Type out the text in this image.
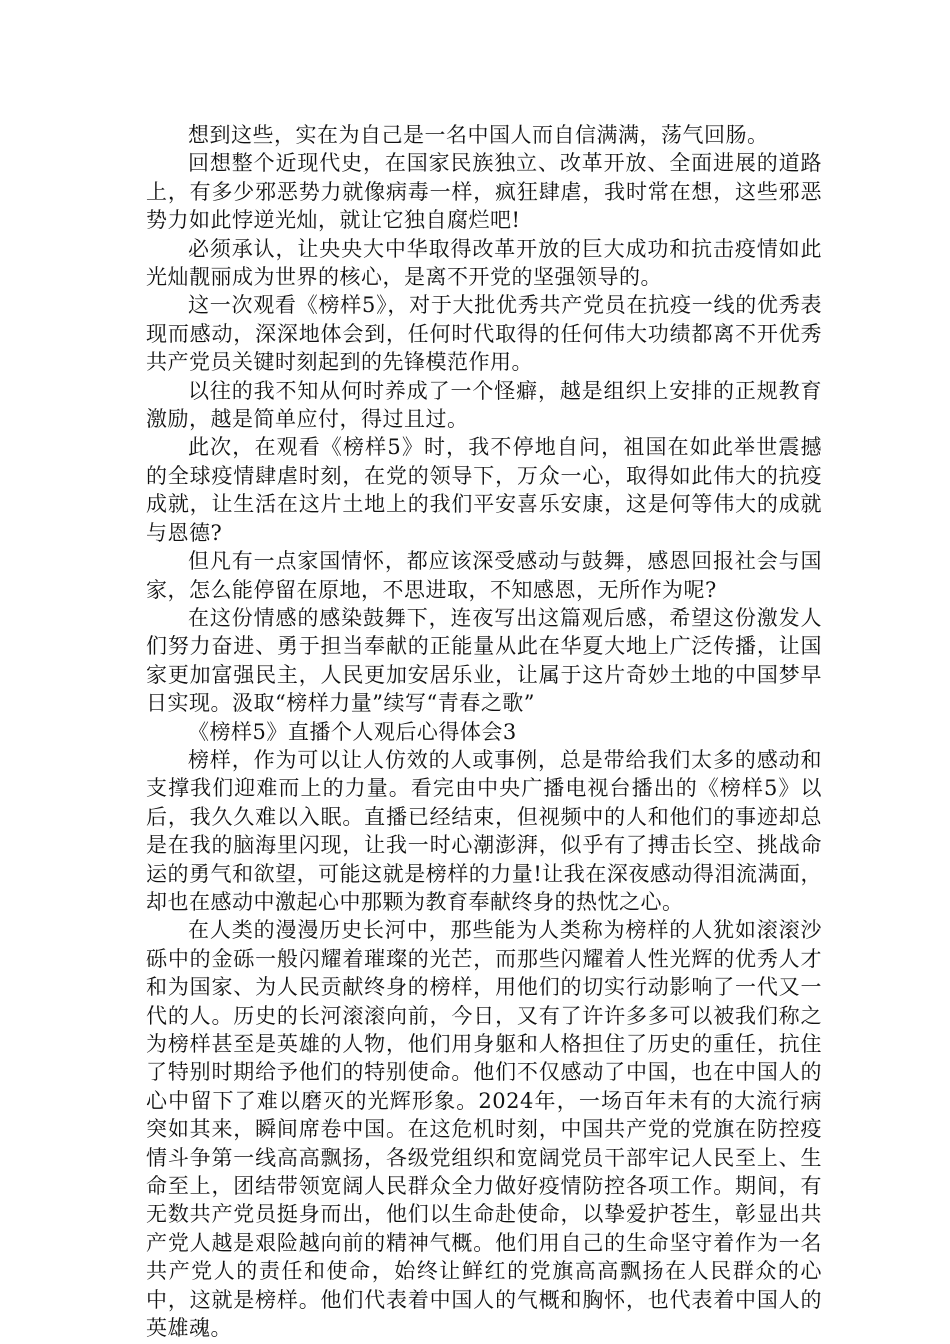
想到这些，实在为自己是一名中国人而自信满满，荡气回肠。

回想整个近现代史，在国家民族独立、改革开放、全面进展的道路上，有多少邪恶势力就像病毒一样，疯狂肆虐，我时常在想，这些邪恶势力如此悖逆光灿，就让它独自腐烂吧!

必须承认，让央央大中华取得改革开放的巨大成功和抗击疫情如此光灿靓丽成为世界的核心，是离不开党的坚强领导的。

这一次观看《榜样5》，对于大批优秀共产党员在抗疫一线的优秀表现而感动，深深地体会到，任何时代取得的任何伟大功绩都离不开优秀共产党员关键时刻起到的先锋模范作用。

以往的我不知从何时养成了一个怪癖，越是组织上安排的正规教育激励，越是简单应付，得过且过。

此次，在观看《榜样5》时，我不停地自问，祖国在如此举世震撼的全球疫情肆虐时刻，在党的领导下，万众一心，取得如此伟大的抗疫成就，让生活在这片土地上的我们平安喜乐安康，这是何等伟大的成就与恩德?

但凡有一点家国情怀，都应该深受感动与鼓舞，感恩回报社会与国家，怎么能停留在原地，不思进取，不知感恩，无所作为呢?

在这份情感的感染鼓舞下，连夜写出这篇观后感，希望这份激发人们努力奋进、勇于担当奉献的正能量从此在华夏大地上广泛传播，让国家更加富强民主，人民更加安居乐业，让属于这片奇妙土地的中国梦早日实现。汲取“榜样力量”续写“青春之歌”

《榜样5》直播个人观后心得体会3

榜样，作为可以让人仿效的人或事例，总是带给我们太多的感动和支撑我们迎难而上的力量。看完由中央广播电视台播出的《榜样5》以后，我久久难以入眠。直播已经结束，但视频中的人和他们的事迹却总是在我的脑海里闪现，让我一时心潮澎湃，似乎有了搏击长空、挑战命运的勇气和欲望，可能这就是榜样的力量!让我在深夜感动得泪流满面，却也在感动中激起心中那颗为教育奉献终身的热忱之心。

在人类的漫漫历史长河中，那些能为人类称为榜样的人犹如滚滚沙砾中的金砾一般闪耀着璀璨的光芒，而那些闪耀着人性光辉的优秀人才和为国家、为人民贡献终身的榜样，用他们的切实行动影响了一代又一代的人。历史的长河滚滚向前，今日，又有了许许多多可以被我们称之为榜样甚至是英雄的人物，他们用身躯和人格担住了历史的重任，抗住了特别时期给予他们的特别使命。他们不仅感动了中国，也在中国人的心中留下了难以磨灭的光辉形象。2024年，一场百年未有的大流行病突如其来，瞬间席卷中国。在这危机时刻，中国共产党的党旗在防控疫情斗争第一线高高飘扬，各级党组织和宽阔党员干部牢记人民至上、生命至上，团结带领宽阔人民群众全力做好疫情防控各项工作。期间，有无数共产党员挺身而出，他们以生命赴使命，以挚爱护苍生，彰显出共产党人越是艰险越向前的精神气概。他们用自己的生命坚守着作为一名共产党人的责任和使命，始终让鲜红的党旗高高飘扬在人民群众的心中，这就是榜样。他们代表着中国人的气概和胸怀，也代表着中国人的英雄魂。
